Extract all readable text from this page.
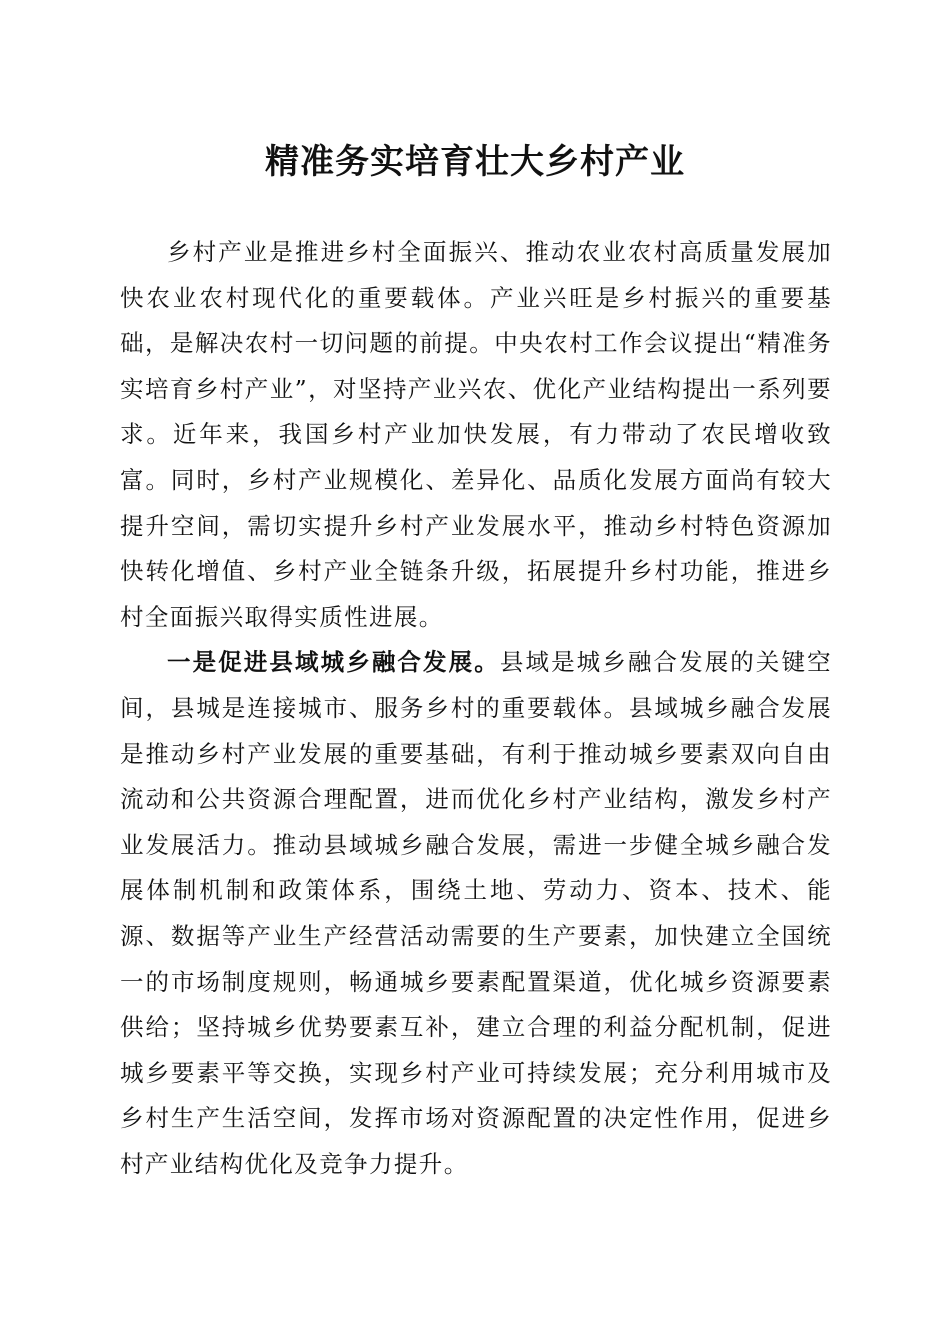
精准务实培育壮大乡村产业

乡村产业是推进乡村全面振兴、推动农业农村高质量发展加快农业农村现代化的重要载体。产业兴旺是乡村振兴的重要基础，是解决农村一切问题的前提。中央农村工作会议提出“精准务实培育乡村产业”，对坚持产业兴农、优化产业结构提出一系列要求。近年来，我国乡村产业加快发展，有力带动了农民增收致富。同时，乡村产业规模化、差异化、品质化发展方面尚有较大提升空间，需切实提升乡村产业发展水平，推动乡村特色资源加快转化增值、乡村产业全链条升级，拓展提升乡村功能，推进乡村全面振兴取得实质性进展。

一是促进县域城乡融合发展。县域是城乡融合发展的关键空间，县城是连接城市、服务乡村的重要载体。县域城乡融合发展是推动乡村产业发展的重要基础，有利于推动城乡要素双向自由流动和公共资源合理配置，进而优化乡村产业结构，激发乡村产业发展活力。推动县域城乡融合发展，需进一步健全城乡融合发展体制机制和政策体系，围绕土地、劳动力、资本、技术、能源、数据等产业生产经营活动需要的生产要素，加快建立全国统一的市场制度规则，畅通城乡要素配置渠道，优化城乡资源要素供给；坚持城乡优势要素互补，建立合理的利益分配机制，促进城乡要素平等交换，实现乡村产业可持续发展；充分利用城市及乡村生产生活空间，发挥市场对资源配置的决定性作用，促进乡村产业结构优化及竞争力提升。
